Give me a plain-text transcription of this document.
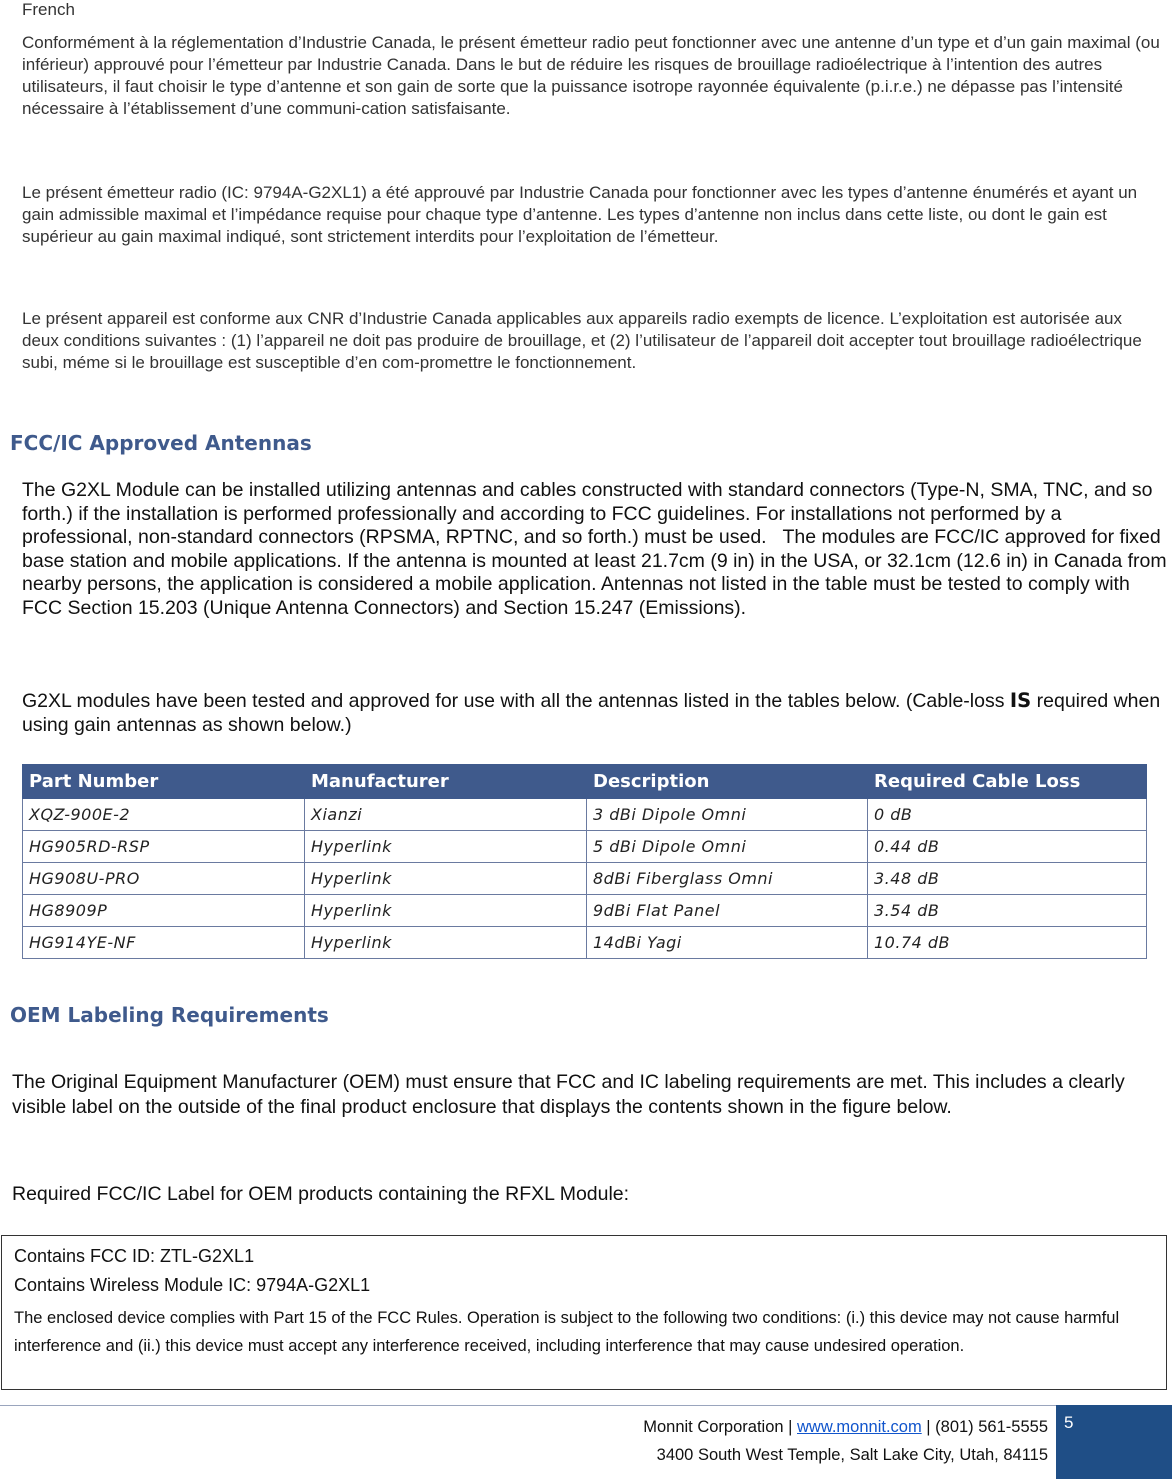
French

Conformément à la réglementation d’Industrie Canada, le présent émetteur radio peut fonctionner avec une antenne d’un type et d’un gain maximal (ou inférieur) approuvé pour l’émetteur par Industrie Canada. Dans le but de réduire les risques de brouillage radioélectrique à l’intention des autres utilisateurs, il faut choisir le type d’antenne et son gain de sorte que la puissance isotrope rayonnée équivalente (p.i.r.e.) ne dépasse pas l’intensité nécessaire à l’établissement d’une communi-cation satisfaisante.

Le présent émetteur radio (IC: 9794A-G2XL1) a été approuvé par Industrie Canada pour fonctionner avec les types d’antenne énumérés et ayant un gain admissible maximal et l’impédance requise pour chaque type d’antenne. Les types d’antenne non inclus dans cette liste, ou dont le gain est supérieur au gain maximal indiqué, sont strictement interdits pour l’exploitation de l’émetteur.

Le présent appareil est conforme aux CNR d’Industrie Canada applicables aux appareils radio exempts de licence. L’exploitation est autorisée aux deux conditions suivantes : (1) l’appareil ne doit pas produire de brouillage, et (2) l’utilisateur de l’appareil doit accepter tout brouillage radioélectrique subi, méme si le brouillage est susceptible d’en com-promettre le fonctionnement.

FCC/IC Approved Antennas

The G2XL Module can be installed utilizing antennas and cables constructed with standard connectors (Type-N, SMA, TNC, and so forth.) if the installation is performed professionally and according to FCC guidelines. For installations not performed by a professional, non-standard connectors (RPSMA, RPTNC, and so forth.) must be used. The modules are FCC/IC approved for fixed base station and mobile applications. If the antenna is mounted at least 21.7cm (9 in) in the USA, or 32.1cm (12.6 in) in Canada from nearby persons, the application is considered a mobile application. Antennas not listed in the table must be tested to comply with FCC Section 15.203 (Unique Antenna Connectors) and Section 15.247 (Emissions).

G2XL modules have been tested and approved for use with all the antennas listed in the tables below. (Cable-loss IS required when using gain antennas as shown below.)

Part Number	Manufacturer	Description	Required Cable Loss
XQZ-900E-2	Xianzi	3 dBi Dipole Omni	0 dB
HG905RD-RSP	Hyperlink	5 dBi Dipole Omni	0.44 dB
HG908U-PRO	Hyperlink	8dBi Fiberglass Omni	3.48 dB
HG8909P	Hyperlink	9dBi Flat Panel	3.54 dB
HG914YE-NF	Hyperlink	14dBi Yagi	10.74 dB
OEM Labeling Requirements

The Original Equipment Manufacturer (OEM) must ensure that FCC and IC labeling requirements are met. This includes a clearly visible label on the outside of the final product enclosure that displays the contents shown in the figure below.

Required FCC/IC Label for OEM products containing the RFXL Module:

Contains FCC ID: ZTL-G2XL1
Contains Wireless Module IC: 9794A-G2XL1

The enclosed device complies with Part 15 of the FCC Rules. Operation is subject to the following two conditions: (i.) this device may not cause harmful interference and (ii.) this device must accept any interference received, including interference that may cause undesired operation.

Monnit Corporation | www.monnit.com | (801) 561-5555
3400 South West Temple, Salt Lake City, Utah, 84115
5
